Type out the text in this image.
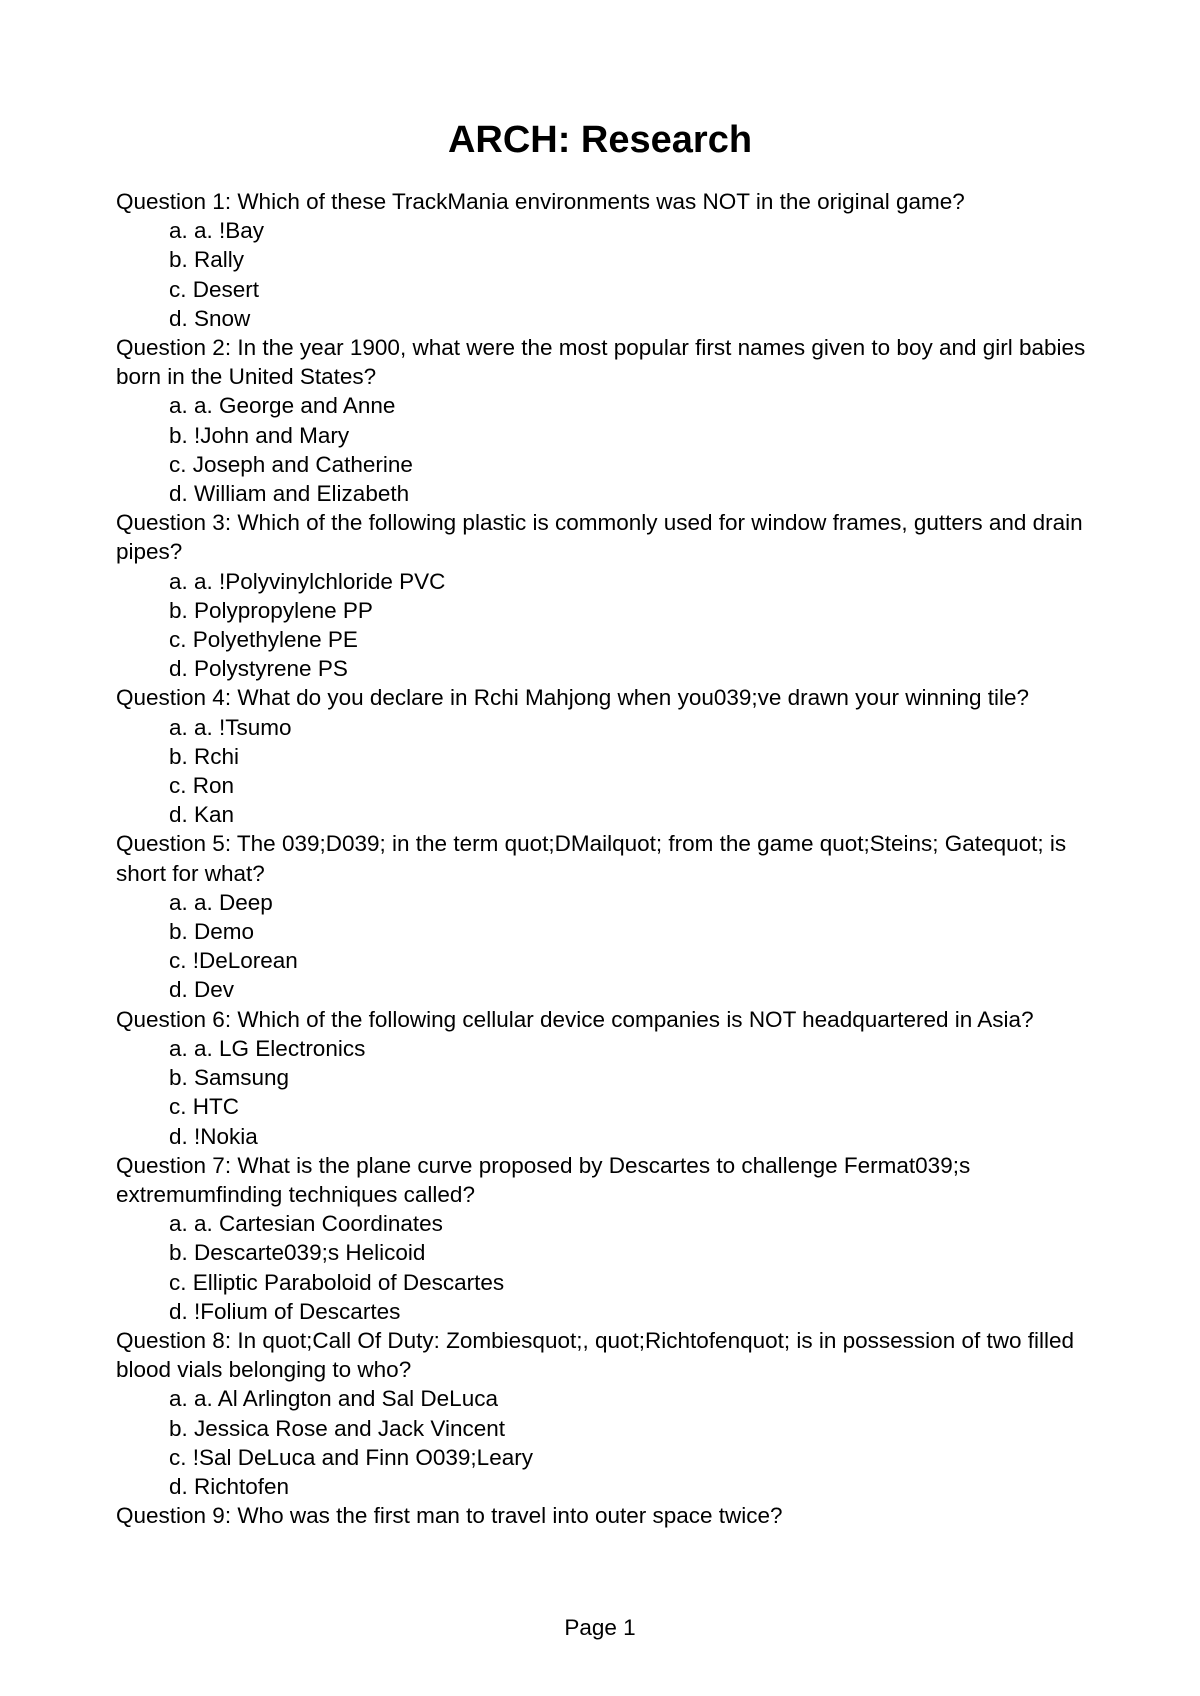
ARCH: Research

Question 1: Which of these TrackMania environments was NOT in the original game?

a. a. !Bay
b. Rally
c. Desert
d. Snow

Question 2: In the year 1900, what were the most popular first names given to boy and girl babies born in the United States?

a. a. George and Anne
b. !John and Mary
c. Joseph and Catherine
d. William and Elizabeth

Question 3: Which of the following plastic is commonly used for window frames, gutters and drain pipes?

a. a. !Polyvinylchloride PVC
b. Polypropylene PP
c. Polyethylene PE
d. Polystyrene PS

Question 4: What do you declare in Rchi Mahjong when you039;ve drawn your winning tile?

a. a. !Tsumo
b. Rchi
c. Ron
d. Kan

Question 5: The 039;D039; in the term quot;DMailquot; from the game quot;Steins; Gatequot; is short for what?

a. a. Deep
b. Demo
c. !DeLorean
d. Dev

Question 6: Which of the following cellular device companies is NOT headquartered in Asia?

a. a. LG Electronics
b. Samsung
c. HTC
d. !Nokia

Question 7: What is the plane curve proposed by Descartes to challenge Fermat039;s extremumfinding techniques called?

a. a. Cartesian Coordinates
b. Descarte039;s Helicoid
c. Elliptic Paraboloid of Descartes
d. !Folium of Descartes

Question 8: In quot;Call Of Duty: Zombiesquot;, quot;Richtofenquot; is in possession of two filled blood vials belonging to who?

a. a. Al Arlington and Sal DeLuca
b. Jessica Rose and Jack Vincent
c. !Sal DeLuca and Finn O039;Leary
d. Richtofen

Question 9: Who was the first man to travel into outer space twice?

Page 1
